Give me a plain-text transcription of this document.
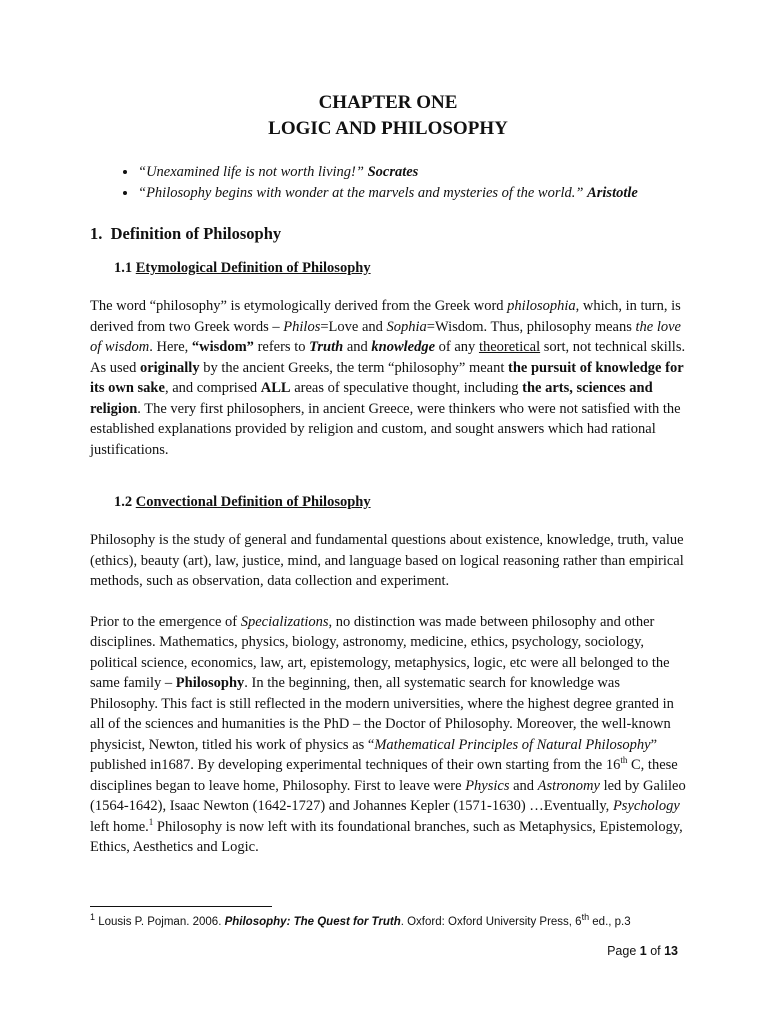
CHAPTER ONE

LOGIC AND PHILOSOPHY

• “Unexamined life is not worth living!” Socrates
• “Philosophy begins with wonder at the marvels and mysteries of the world.” Aristotle
1. Definition of Philosophy
1.1 Etymological Definition of Philosophy

The word “philosophy” is etymologically derived from the Greek word philosophia, which, in turn, is derived from two Greek words – Philos=Love and Sophia=Wisdom. Thus, philosophy means the love of wisdom. Here, “wisdom” refers to Truth and knowledge of any theoretical sort, not technical skills. As used originally by the ancient Greeks, the term “philosophy” meant the pursuit of knowledge for its own sake, and comprised ALL areas of speculative thought, including the arts, sciences and religion. The very first philosophers, in ancient Greece, were thinkers who were not satisfied with the established explanations provided by religion and custom, and sought answers which had rational justifications.

1.2 Convectional Definition of Philosophy

Philosophy is the study of general and fundamental questions about existence, knowledge, truth, value (ethics), beauty (art), law, justice, mind, and language based on logical reasoning rather than empirical methods, such as observation, data collection and experiment.

Prior to the emergence of Specializations, no distinction was made between philosophy and other disciplines. Mathematics, physics, biology, astronomy, medicine, ethics, psychology, sociology, political science, economics, law, art, epistemology, metaphysics, logic, etc were all belonged to the same family – Philosophy. In the beginning, then, all systematic search for knowledge was Philosophy. This fact is still reflected in the modern universities, where the highest degree granted in all of the sciences and humanities is the PhD – the Doctor of Philosophy. Moreover, the well-known physicist, Newton, titled his work of physics as “Mathematical Principles of Natural Philosophy” published in1687. By developing experimental techniques of their own starting from the 16th C, these disciplines began to leave home, Philosophy. First to leave were Physics and Astronomy led by Galileo (1564-1642), Isaac Newton (1642-1727) and Johannes Kepler (1571-1630) …Eventually, Psychology left home.$^1$ Philosophy is now left with its foundational branches, such as Metaphysics, Epistemology, Ethics, Aesthetics and Logic.

$^1$ Lousis P. Pojman. 2006. Philosophy: The Quest for Truth. Oxford: Oxford University Press, 6th ed., p.3
Page 1 of 13
